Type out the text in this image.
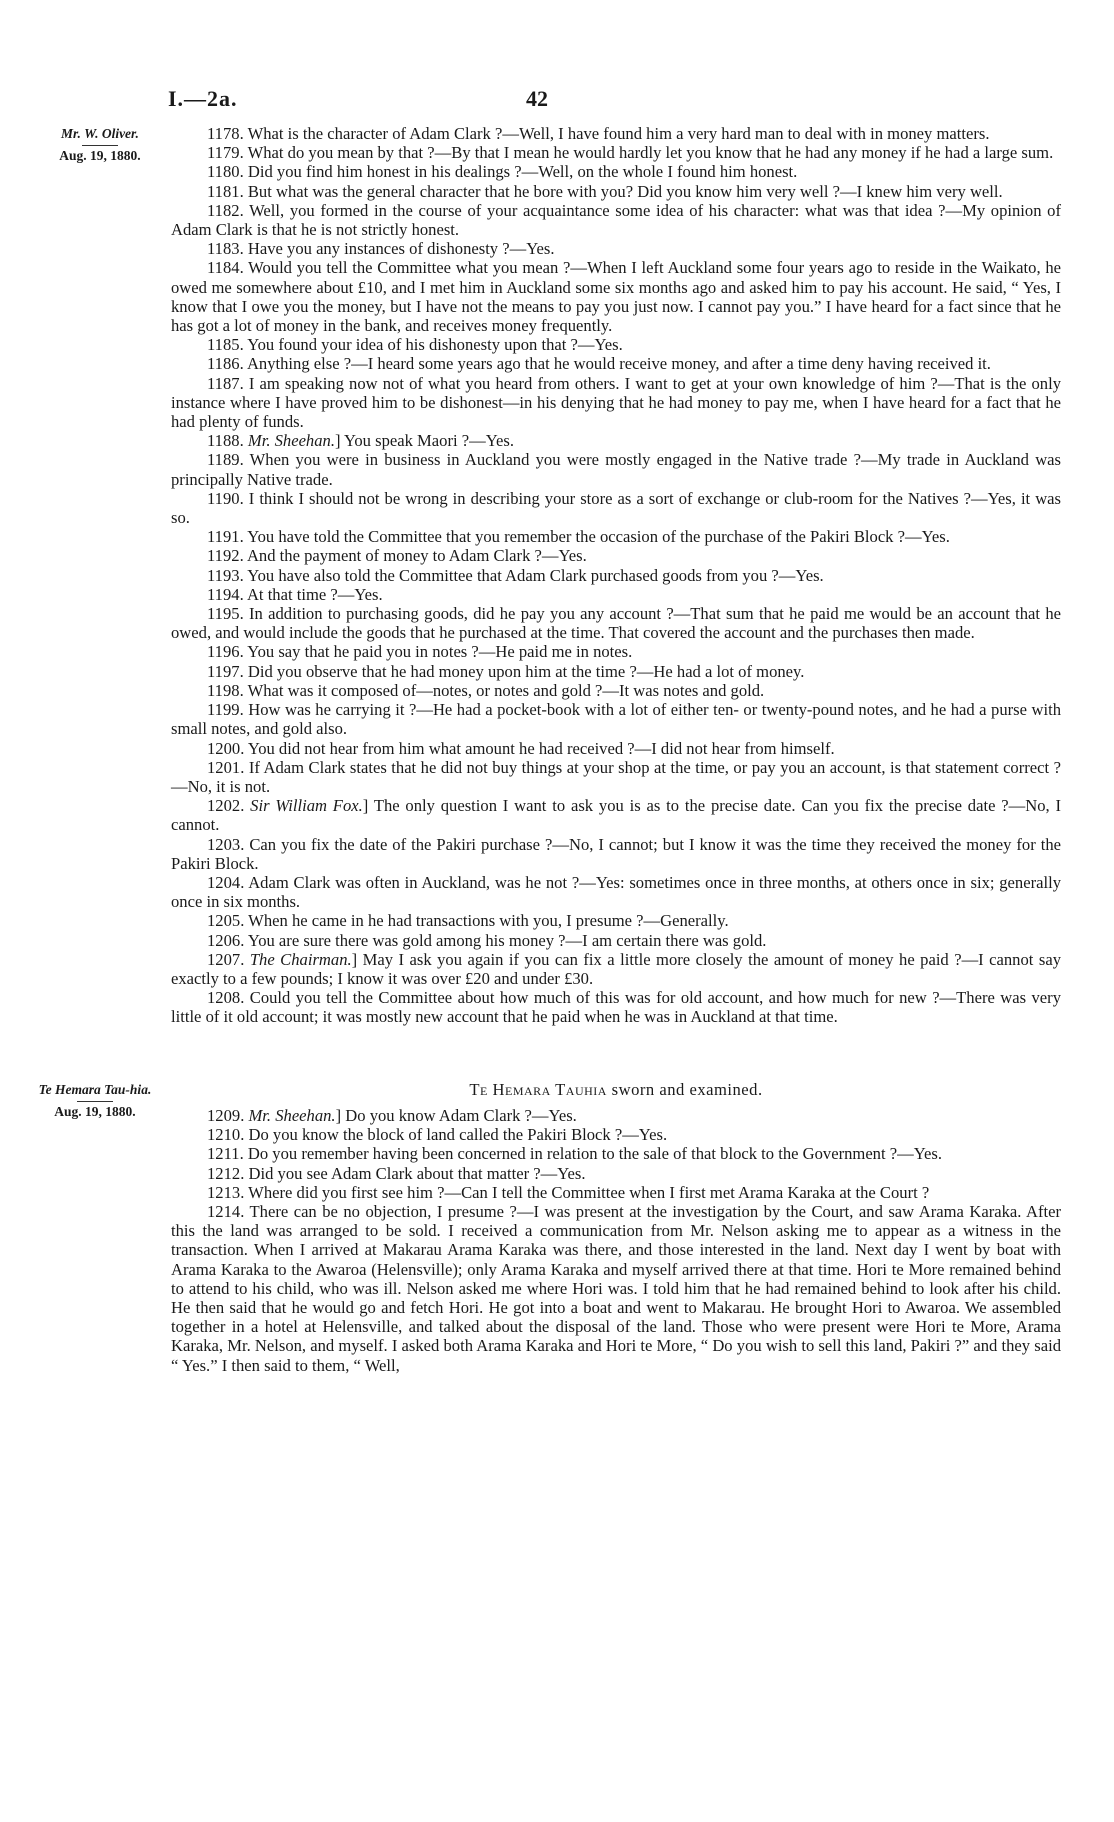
I.—2a.	42
Mr. W. Oliver.
Aug. 19, 1880.

1178. What is the character of Adam Clark ?—Well, I have found him a very hard man to deal with in money matters.

1179. What do you mean by that ?—By that I mean he would hardly let you know that he had any money if he had a large sum.

1180. Did you find him honest in his dealings ?—Well, on the whole I found him honest.

1181. But what was the general character that he bore with you? Did you know him very well ?—I knew him very well.

1182. Well, you formed in the course of your acquaintance some idea of his character: what was that idea ?—My opinion of Adam Clark is that he is not strictly honest.

1183. Have you any instances of dishonesty ?—Yes.

1184. Would you tell the Committee what you mean ?—When I left Auckland some four years ago to reside in the Waikato, he owed me somewhere about £10, and I met him in Auckland some six months ago and asked him to pay his account. He said, “ Yes, I know that I owe you the money, but I have not the means to pay you just now. I cannot pay you.” I have heard for a fact since that he has got a lot of money in the bank, and receives money frequently.

1185. You found your idea of his dishonesty upon that ?—Yes.

1186. Anything else ?—I heard some years ago that he would receive money, and after a time deny having received it.

1187. I am speaking now not of what you heard from others. I want to get at your own knowledge of him ?—That is the only instance where I have proved him to be dishonest—in his denying that he had money to pay me, when I have heard for a fact that he had plenty of funds.

1188. Mr. Sheehan.] You speak Maori ?—Yes.

1189. When you were in business in Auckland you were mostly engaged in the Native trade ?—My trade in Auckland was principally Native trade.

1190. I think I should not be wrong in describing your store as a sort of exchange or club-room for the Natives ?—Yes, it was so.

1191. You have told the Committee that you remember the occasion of the purchase of the Pakiri Block ?—Yes.

1192. And the payment of money to Adam Clark ?—Yes.

1193. You have also told the Committee that Adam Clark purchased goods from you ?—Yes.

1194. At that time ?—Yes.

1195. In addition to purchasing goods, did he pay you any account ?—That sum that he paid me would be an account that he owed, and would include the goods that he purchased at the time. That covered the account and the purchases then made.

1196. You say that he paid you in notes ?—He paid me in notes.

1197. Did you observe that he had money upon him at the time ?—He had a lot of money.

1198. What was it composed of—notes, or notes and gold ?—It was notes and gold.

1199. How was he carrying it ?—He had a pocket-book with a lot of either ten- or twenty-pound notes, and he had a purse with small notes, and gold also.

1200. You did not hear from him what amount he had received ?—I did not hear from himself.

1201. If Adam Clark states that he did not buy things at your shop at the time, or pay you an account, is that statement correct ?—No, it is not.

1202. Sir William Fox.] The only question I want to ask you is as to the precise date. Can you fix the precise date ?—No, I cannot.

1203. Can you fix the date of the Pakiri purchase ?—No, I cannot; but I know it was the time they received the money for the Pakiri Block.

1204. Adam Clark was often in Auckland, was he not ?—Yes: sometimes once in three months, at others once in six; generally once in six months.

1205. When he came in he had transactions with you, I presume ?—Generally.

1206. You are sure there was gold among his money ?—I am certain there was gold.

1207. The Chairman.] May I ask you again if you can fix a little more closely the amount of money he paid ?—I cannot say exactly to a few pounds; I know it was over £20 and under £30.

1208. Could you tell the Committee about how much of this was for old account, and how much for new ?—There was very little of it old account; it was mostly new account that he paid when he was in Auckland at that time.

Te Hemara Tauhia sworn and examined.
Te Hemara Tau-hia.
Aug. 19, 1880.	1209. Mr. Sheehan.] Do you know Adam Clark ?—Yes.

1210. Do you know the block of land called the Pakiri Block ?—Yes.

1211. Do you remember having been concerned in relation to the sale of that block to the Government ?—Yes.

1212. Did you see Adam Clark about that matter ?—Yes.

1213. Where did you first see him ?—Can I tell the Committee when I first met Arama Karaka at the Court ?

1214. There can be no objection, I presume ?—I was present at the investigation by the Court, and saw Arama Karaka. After this the land was arranged to be sold. I received a communication from Mr. Nelson asking me to appear as a witness in the transaction. When I arrived at Makarau Arama Karaka was there, and those interested in the land. Next day I went by boat with Arama Karaka to the Awaroa (Helensville); only Arama Karaka and myself arrived there at that time. Hori te More remained behind to attend to his child, who was ill. Nelson asked me where Hori was. I told him that he had remained behind to look after his child. He then said that he would go and fetch Hori. He got into a boat and went to Makarau. He brought Hori to Awaroa. We assembled together in a hotel at Helensville, and talked about the disposal of the land. Those who were present were Hori te More, Arama Karaka, Mr. Nelson, and myself. I asked both Arama Karaka and Hori te More, “ Do you wish to sell this land, Pakiri ?” and they said “ Yes.” I then said to them, “ Well,
